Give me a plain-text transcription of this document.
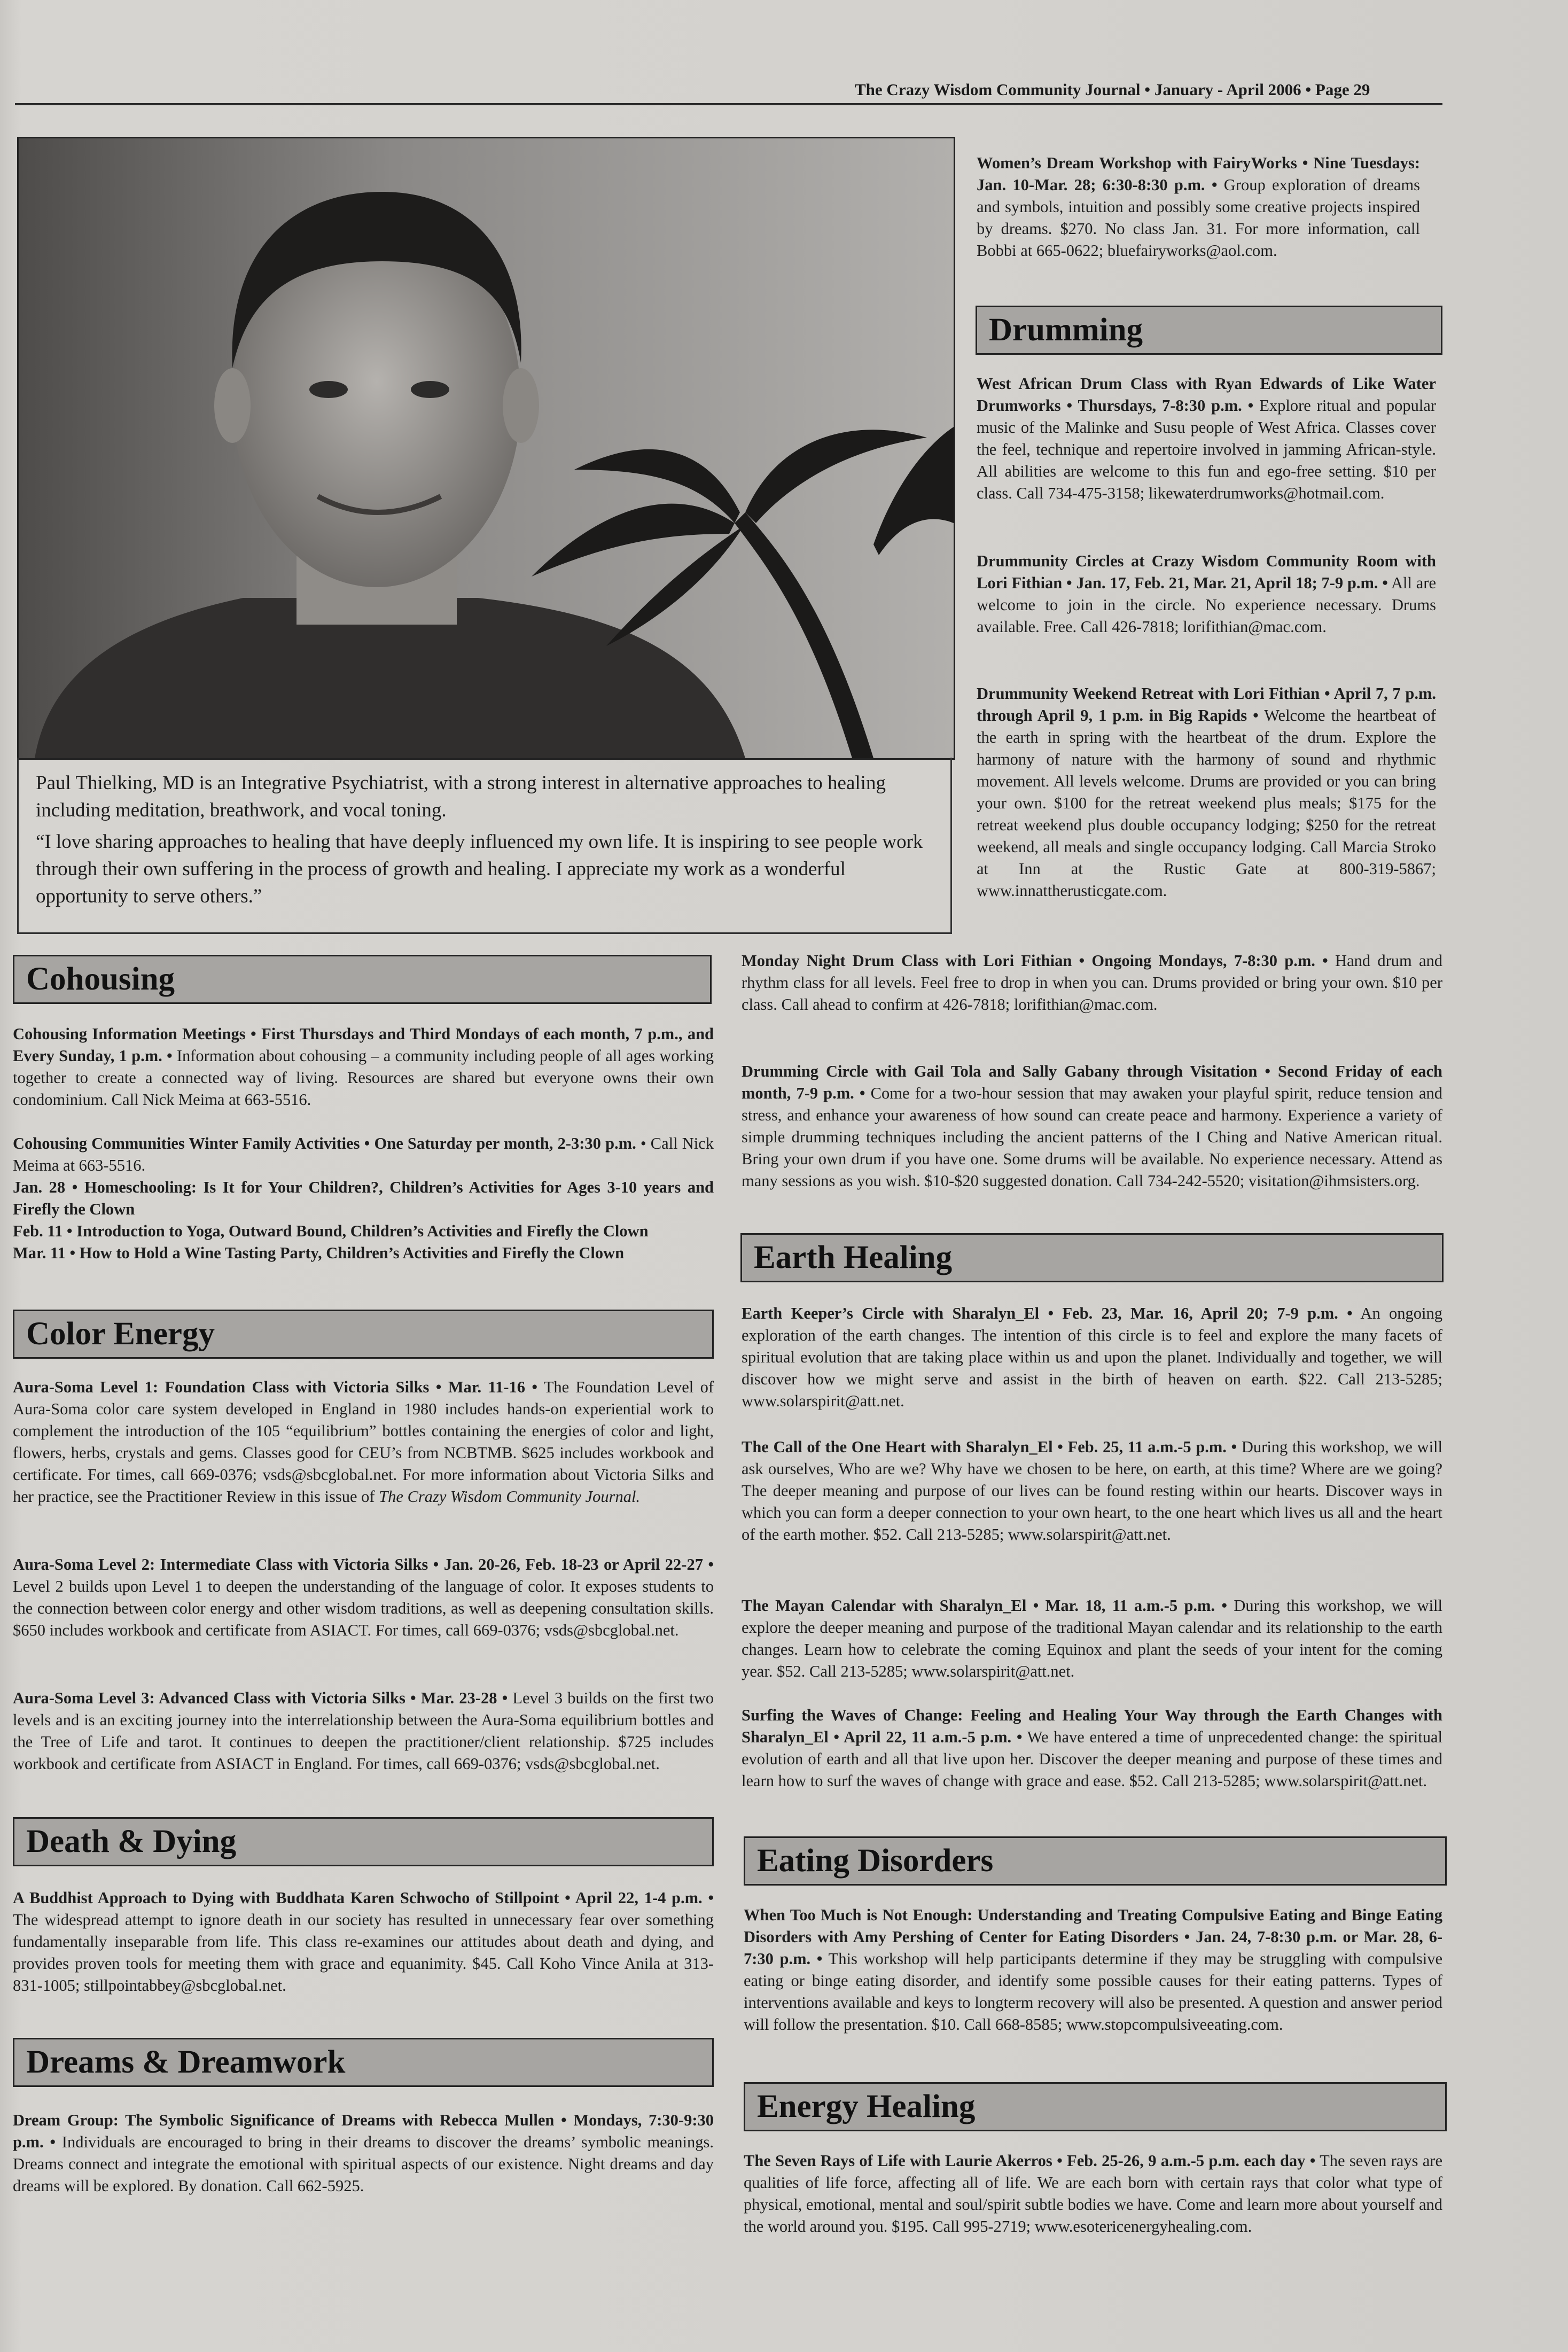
The Crazy Wisdom Community Journal • January - April 2006 • Page 29

Paul Thielking, MD is an Integrative Psychiatrist, with a strong interest in alternative approaches to healing including meditation, breathwork, and vocal toning.

“I love sharing approaches to healing that have deeply influenced my own life. It is inspiring to see people work through their own suffering in the process of growth and healing. I appreciate my work as a wonderful opportunity to serve others.”

Women’s Dream Workshop with FairyWorks • Nine Tuesdays: Jan. 10-Mar. 28; 6:30-8:30 p.m. • Group exploration of dreams and symbols, intuition and possibly some creative projects inspired by dreams. $270. No class Jan. 31. For more information, call Bobbi at 665-0622; bluefairyworks@aol.com.

Drumming

West African Drum Class with Ryan Edwards of Like Water Drumworks • Thursdays, 7-8:30 p.m. • Explore ritual and popular music of the Malinke and Susu people of West Africa. Classes cover the feel, technique and repertoire involved in jamming African-style. All abilities are welcome to this fun and ego-free setting. $10 per class. Call 734-475-3158; likewaterdrumworks@hotmail.com.

Drummunity Circles at Crazy Wisdom Community Room with Lori Fithian • Jan. 17, Feb. 21, Mar. 21, April 18; 7-9 p.m. • All are welcome to join in the circle. No experience necessary. Drums available. Free. Call 426-7818; lorifithian@mac.com.

Drummunity Weekend Retreat with Lori Fithian • April 7, 7 p.m. through April 9, 1 p.m. in Big Rapids • Welcome the heartbeat of the earth in spring with the heartbeat of the drum. Explore the harmony of nature with the harmony of sound and rhythmic movement. All levels welcome. Drums are provided or you can bring your own. $100 for the retreat weekend plus meals; $175 for the retreat weekend plus double occupancy lodging; $250 for the retreat weekend, all meals and single occupancy lodging. Call Marcia Stroko at Inn at the Rustic Gate at 800-319-5867; www.innattherusticgate.com.

Monday Night Drum Class with Lori Fithian • Ongoing Mondays, 7-8:30 p.m. • Hand drum and rhythm class for all levels. Feel free to drop in when you can. Drums provided or bring your own. $10 per class. Call ahead to confirm at 426-7818; lorifithian@mac.com.

Drumming Circle with Gail Tola and Sally Gabany through Visitation • Second Friday of each month, 7-9 p.m. • Come for a two-hour session that may awaken your playful spirit, reduce tension and stress, and enhance your awareness of how sound can create peace and harmony. Experience a variety of simple drumming techniques including the ancient patterns of the I Ching and Native American ritual. Bring your own drum if you have one. Some drums will be available. No experience necessary. Attend as many sessions as you wish. $10-$20 suggested donation. Call 734-242-5520; visitation@ihmsisters.org.

Earth Healing

Earth Keeper’s Circle with Sharalyn_El • Feb. 23, Mar. 16, April 20; 7-9 p.m. • An ongoing exploration of the earth changes. The intention of this circle is to feel and explore the many facets of spiritual evolution that are taking place within us and upon the planet. Individually and together, we will discover how we might serve and assist in the birth of heaven on earth. $22. Call 213-5285; www.solarspirit@att.net.

The Call of the One Heart with Sharalyn_El • Feb. 25, 11 a.m.-5 p.m. • During this workshop, we will ask ourselves, Who are we? Why have we chosen to be here, on earth, at this time? Where are we going? The deeper meaning and purpose of our lives can be found resting within our hearts. Discover ways in which you can form a deeper connection to your own heart, to the one heart which lives us all and the heart of the earth mother. $52. Call 213-5285; www.solarspirit@att.net.

The Mayan Calendar with Sharalyn_El • Mar. 18, 11 a.m.-5 p.m. • During this workshop, we will explore the deeper meaning and purpose of the traditional Mayan calendar and its relationship to the earth changes. Learn how to celebrate the coming Equinox and plant the seeds of your intent for the coming year. $52. Call 213-5285; www.solarspirit@att.net.

Surfing the Waves of Change: Feeling and Healing Your Way through the Earth Changes with Sharalyn_El • April 22, 11 a.m.-5 p.m. • We have entered a time of unprecedented change: the spiritual evolution of earth and all that live upon her. Discover the deeper meaning and purpose of these times and learn how to surf the waves of change with grace and ease. $52. Call 213-5285; www.solarspirit@att.net.

Eating Disorders

When Too Much is Not Enough: Understanding and Treating Compulsive Eating and Binge Eating Disorders with Amy Pershing of Center for Eating Disorders • Jan. 24, 7-8:30 p.m. or Mar. 28, 6-7:30 p.m. • This workshop will help participants determine if they may be struggling with compulsive eating or binge eating disorder, and identify some possible causes for their eating patterns. Types of interventions available and keys to longterm recovery will also be presented. A question and answer period will follow the presentation. $10. Call 668-8585; www.stopcompulsiveeating.com.

Energy Healing

The Seven Rays of Life with Laurie Akerros • Feb. 25-26, 9 a.m.-5 p.m. each day • The seven rays are qualities of life force, affecting all of life. We are each born with certain rays that color what type of physical, emotional, mental and soul/spirit subtle bodies we have. Come and learn more about yourself and the world around you. $195. Call 995-2719; www.esotericenergyhealing.com.

Cohousing

Cohousing Information Meetings • First Thursdays and Third Mondays of each month, 7 p.m., and Every Sunday, 1 p.m. • Information about cohousing – a community including people of all ages working together to create a connected way of living. Resources are shared but everyone owns their own condominium. Call Nick Meima at 663-5516.

Cohousing Communities Winter Family Activities • One Saturday per month, 2-3:30 p.m. • Call Nick Meima at 663-5516.

Jan. 28 • Homeschooling: Is It for Your Children?, Children’s Activities for Ages 3-10 years and Firefly the Clown

Feb. 11 • Introduction to Yoga, Outward Bound, Children’s Activities and Firefly the Clown

Mar. 11 • How to Hold a Wine Tasting Party, Children’s Activities and Firefly the Clown

Color Energy

Aura-Soma Level 1: Foundation Class with Victoria Silks • Mar. 11-16 • The Foundation Level of Aura-Soma color care system developed in England in 1980 includes hands-on experiential work to complement the introduction of the 105 “equilibrium” bottles containing the energies of color and light, flowers, herbs, crystals and gems. Classes good for CEU’s from NCBTMB. $625 includes workbook and certificate. For times, call 669-0376; vsds@sbcglobal.net. For more information about Victoria Silks and her practice, see the Practitioner Review in this issue of The Crazy Wisdom Community Journal.

Aura-Soma Level 2: Intermediate Class with Victoria Silks • Jan. 20-26, Feb. 18-23 or April 22-27 • Level 2 builds upon Level 1 to deepen the understanding of the language of color. It exposes students to the connection between color energy and other wisdom traditions, as well as deepening consultation skills. $650 includes workbook and certificate from ASIACT. For times, call 669-0376; vsds@sbcglobal.net.

Aura-Soma Level 3: Advanced Class with Victoria Silks • Mar. 23-28 • Level 3 builds on the first two levels and is an exciting journey into the interrelationship between the Aura-Soma equilibrium bottles and the Tree of Life and tarot. It continues to deepen the practitioner/client relationship. $725 includes workbook and certificate from ASIACT in England. For times, call 669-0376; vsds@sbcglobal.net.

Death & Dying

A Buddhist Approach to Dying with Buddhata Karen Schwocho of Stillpoint • April 22, 1-4 p.m. • The widespread attempt to ignore death in our society has resulted in unnecessary fear over something fundamentally inseparable from life. This class re-examines our attitudes about death and dying, and provides proven tools for meeting them with grace and equanimity. $45. Call Koho Vince Anila at 313-831-1005; stillpointabbey@sbcglobal.net.

Dreams & Dreamwork

Dream Group: The Symbolic Significance of Dreams with Rebecca Mullen • Mondays, 7:30-9:30 p.m. • Individuals are encouraged to bring in their dreams to discover the dreams’ symbolic meanings. Dreams connect and integrate the emotional with spiritual aspects of our existence. Night dreams and day dreams will be explored. By donation. Call 662-5925.
